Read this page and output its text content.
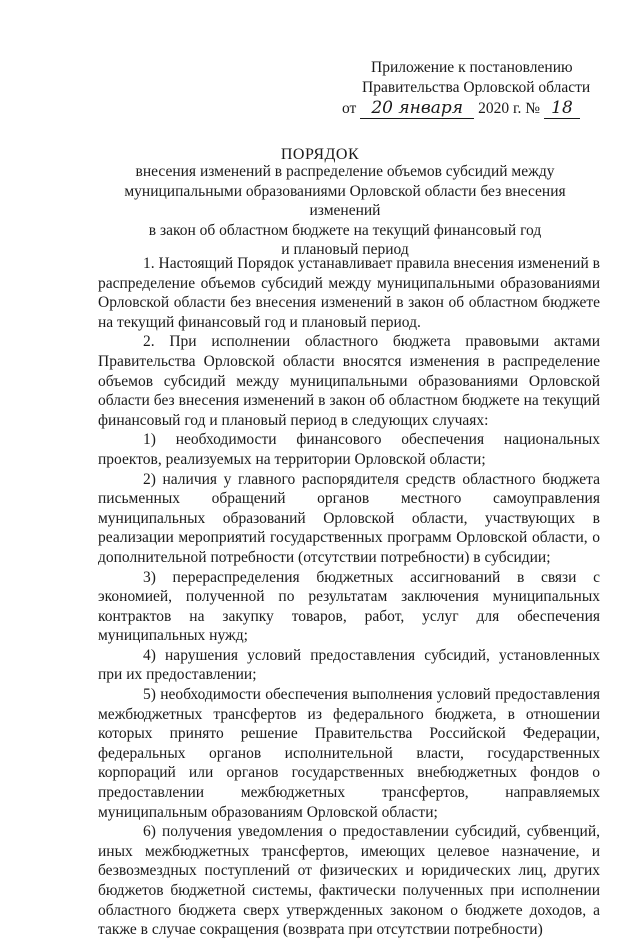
Приложение к постановлению
Правительства Орловской области
от 20 января 2020 г. № 18
ПОРЯДОК
внесения изменений в распределение объемов субсидий между
муниципальными образованиями Орловской области без внесения изменений
в закон об областном бюджете на текущий финансовый год
и плановый период

1. Настоящий Порядок устанавливает правила внесения изменений в распределение объемов субсидий между муниципальными образованиями Орловской области без внесения изменений в закон об областном бюджете на текущий финансовый год и плановый период.

2. При исполнении областного бюджета правовыми актами Правительства Орловской области вносятся изменения в распределение объемов субсидий между муниципальными образованиями Орловской области без внесения изменений в закон об областном бюджете на текущий финансовый год и плановый период в следующих случаях:

1) необходимости финансового обеспечения национальных проектов, реализуемых на территории Орловской области;

2) наличия у главного распорядителя средств областного бюджета письменных обращений органов местного самоуправления муниципальных образований Орловской области, участвующих в реализации мероприятий государственных программ Орловской области, о дополнительной потребности (отсутствии потребности) в субсидии;

3) перераспределения бюджетных ассигнований в связи с экономией, полученной по результатам заключения муниципальных контрактов на закупку товаров, работ, услуг для обеспечения муниципальных нужд;

4) нарушения условий предоставления субсидий, установленных при их предоставлении;

5) необходимости обеспечения выполнения условий предоставления межбюджетных трансфертов из федерального бюджета, в отношении которых принято решение Правительства Российской Федерации, федеральных органов исполнительной власти, государственных корпораций или органов государственных внебюджетных фондов о предоставлении межбюджетных трансфертов, направляемых муниципальным образованиям Орловской области;

6) получения уведомления о предоставлении субсидий, субвенций, иных межбюджетных трансфертов, имеющих целевое назначение, и безвозмездных поступлений от физических и юридических лиц, других бюджетов бюджетной системы, фактически полученных при исполнении областного бюджета сверх утвержденных законом о бюджете доходов, а также в случае сокращения (возврата при отсутствии потребности)
